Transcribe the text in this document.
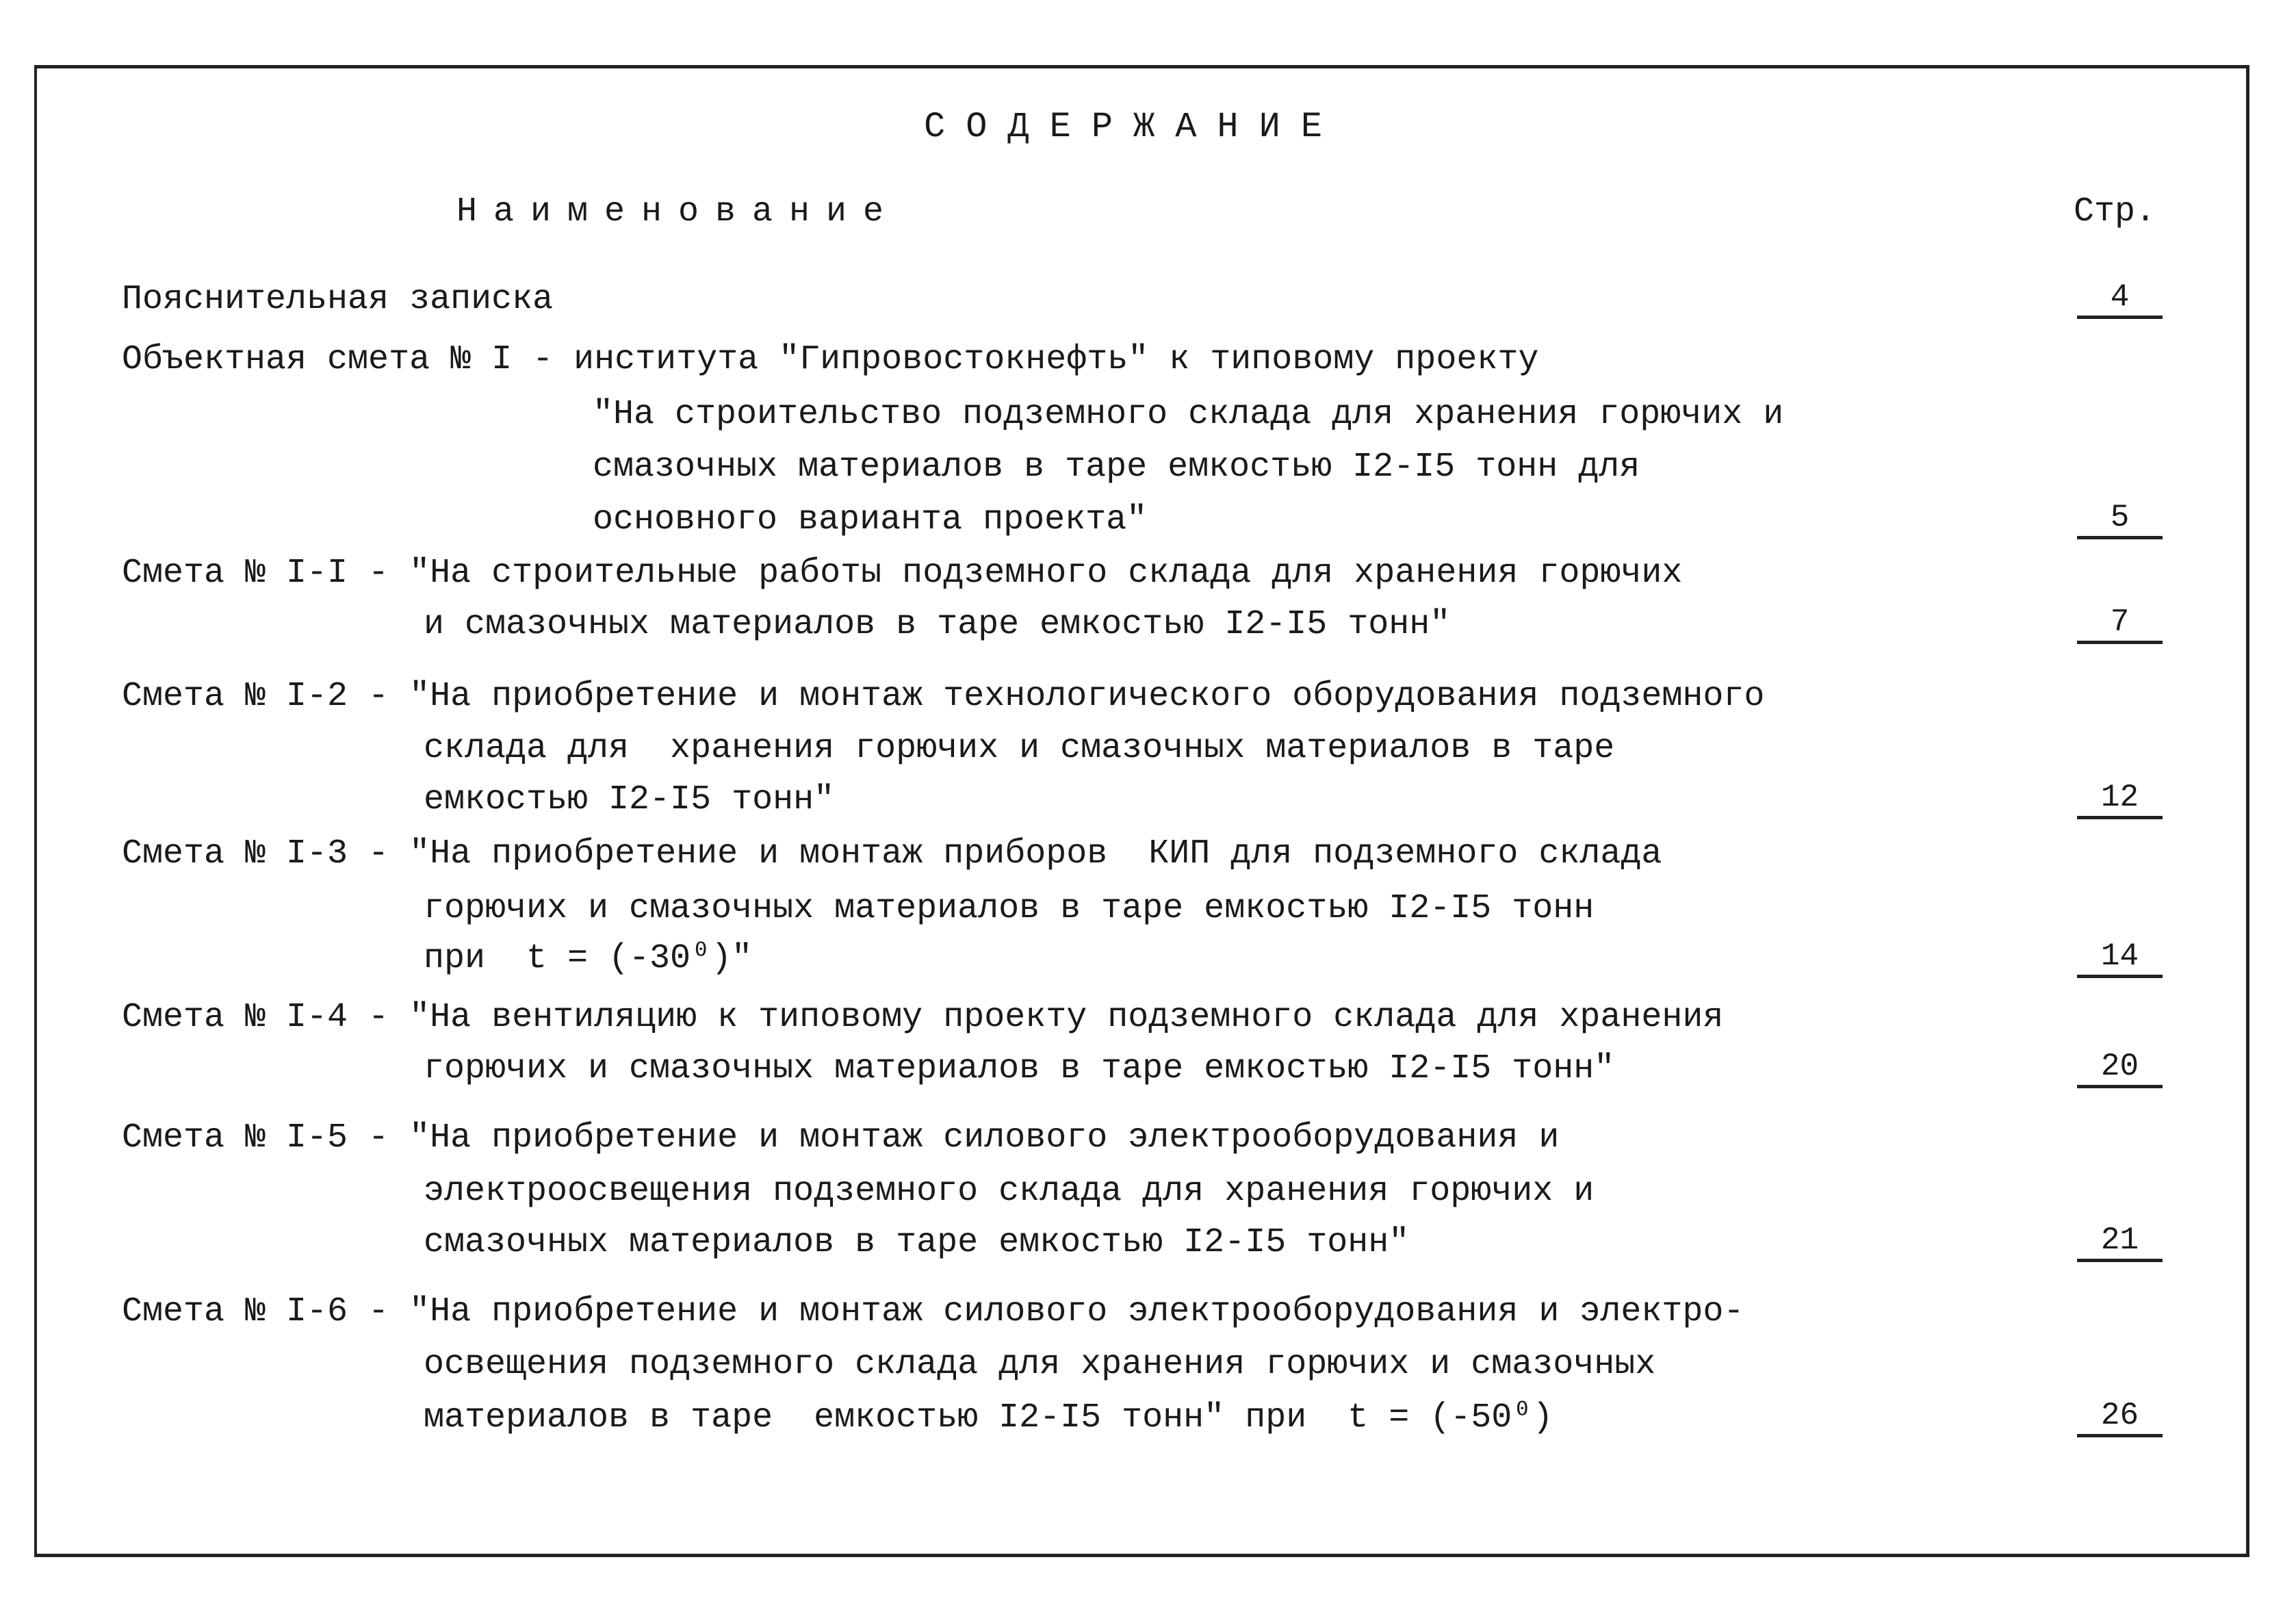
СОДЕРЖАНИЕ
Наименование	Стр.
Пояснительная записка	4
Объектная смета № I - института "Гипровостокнефть" к типовому проекту
"На строительство подземного склада для хранения горючих и
смазочных материалов в таре емкостью I2-I5 тонн для
основного варианта проекта"	5
Смета № I-I - "На строительные работы подземного склада для хранения горючих
и смазочных материалов в таре емкостью I2-I5 тонн"	7
Смета № I-2 - "На приобретение и монтаж технологического оборудования подземного
склада для  хранения горючих и смазочных материалов в таре
емкостью I2-I5 тонн"	12
Смета № I-3 - "На приобретение и монтаж приборов  КИП для подземного склада
горючих и смазочных материалов в таре емкостью I2-I5 тонн
при  t = (-30⁰)"	14
Смета № I-4 - "На вентиляцию к типовому проекту подземного склада для хранения
горючих и смазочных материалов в таре емкостью I2-I5 тонн"	20
Смета № I-5 - "На приобретение и монтаж силового электрооборудования и
электроосвещения подземного склада для хранения горючих и
смазочных материалов в таре емкостью I2-I5 тонн"	21
Смета № I-6 - "На приобретение и монтаж силового электрооборудования и электро-
освещения подземного склада для хранения горючих и смазочных
материалов в таре  емкостью I2-I5 тонн" при  t = (-50⁰)	26
